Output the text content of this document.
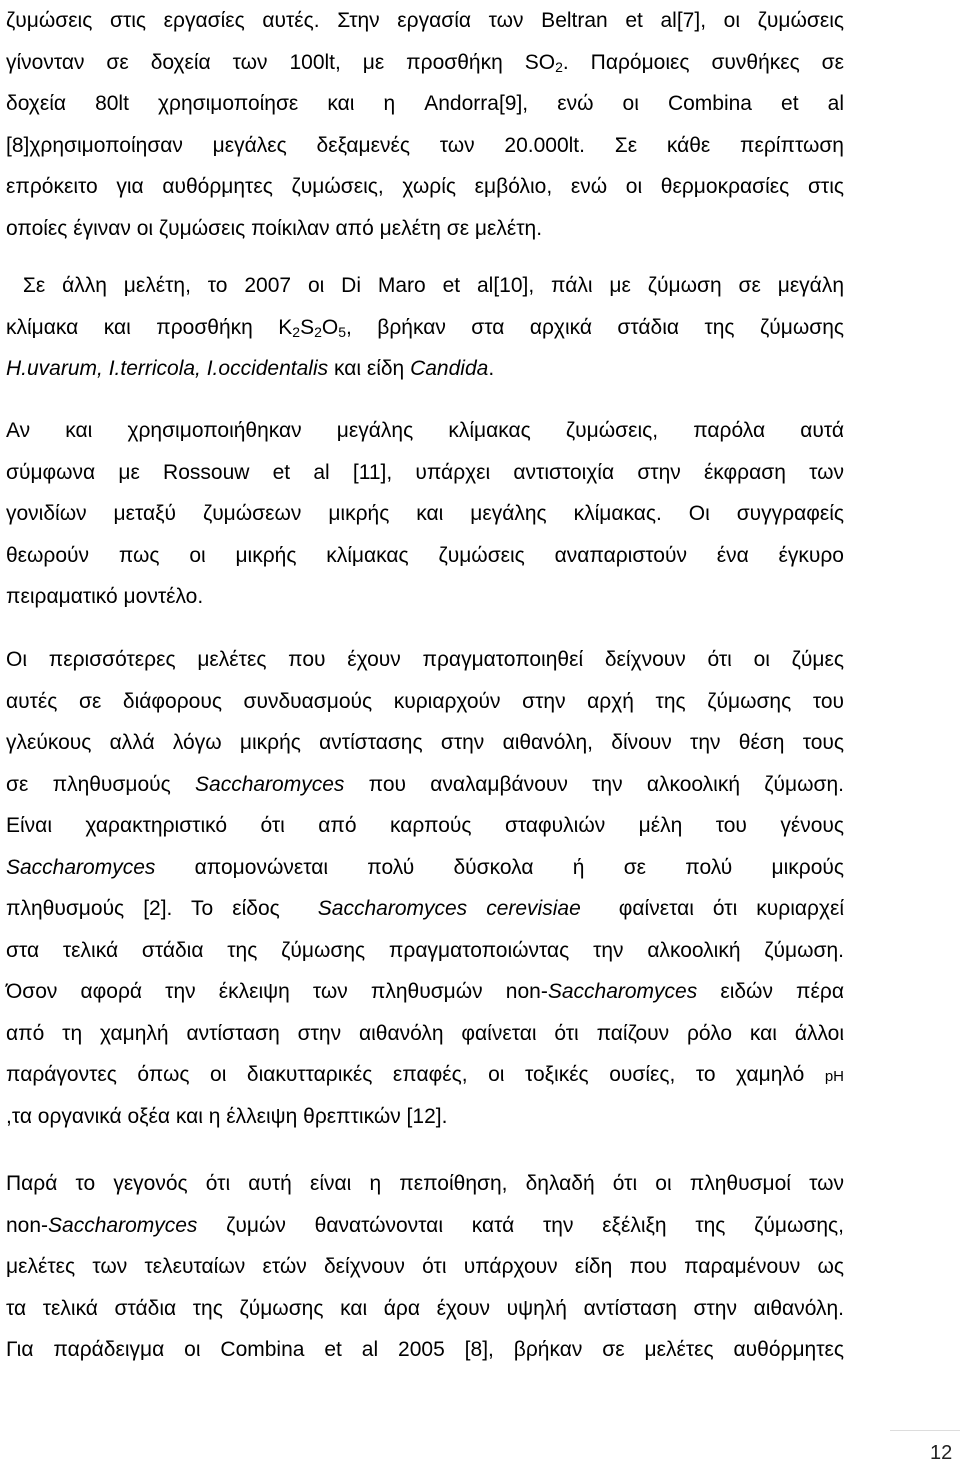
ζυμώσεις στις εργασίες αυτές. Στην εργασία των Beltran et al[7], οι ζυμώσεις
γίνονταν σε δοχεία των 100lt, με προσθήκη $SO_2$. Παρόμοιες συνθήκες σε
δοχεία 80lt χρησιμοποίησε και η Andorra[9], ενώ οι Combina et al
[8]χρησιμοποίησαν μεγάλες δεξαμενές των 20.000lt. Σε κάθε περίπτωση
επρόκειτο για αυθόρμητες ζυμώσεις, χωρίς εμβόλιο, ενώ οι θερμοκρασίες στις
οποίες έγιναν οι ζυμώσεις ποίκιλαν από μελέτη σε μελέτη.
Σε άλλη μελέτη, το 2007 οι Di Maro et al[10], πάλι με ζύμωση σε μεγάλη
κλίμακα και προσθήκη $K_2S_2O_5$, βρήκαν στα αρχικά στάδια της ζύμωσης
H.uvarum, I.terricola, I.occidentalis και είδη Candida.
Αν και χρησιμοποιήθηκαν μεγάλης κλίμακας ζυμώσεις, παρόλα αυτά
σύμφωνα με Rossouw et al [11], υπάρχει αντιστοιχία στην έκφραση των
γονιδίων μεταξύ ζυμώσεων μικρής και μεγάλης κλίμακας. Οι συγγραφείς
θεωρούν πως οι μικρής κλίμακας ζυμώσεις αναπαριστούν ένα έγκυρο
πειραματικό μοντέλο.
Οι περισσότερες μελέτες που έχουν πραγματοποιηθεί δείχνουν ότι οι ζύμες
αυτές σε διάφορους συνδυασμούς κυριαρχούν στην αρχή της ζύμωσης του
γλεύκους αλλά λόγω μικρής αντίστασης στην αιθανόλη, δίνουν την θέση τους
σε πληθυσμούς Saccharomyces που αναλαμβάνουν την αλκοολική ζύμωση.
Είναι χαρακτηριστικό ότι από καρπούς σταφυλιών μέλη του γένους
Saccharomyces απομονώνεται πολύ δύσκολα ή σε πολύ μικρούς
πληθυσμούς [2]. Το είδος  Saccharomyces cerevisiae  φαίνεται ότι κυριαρχεί
στα τελικά στάδια της ζύμωσης πραγματοποιώντας την αλκοολική ζύμωση.
Όσον αφορά την έκλειψη των πληθυσμών non-Saccharomyces ειδών πέρα
από τη χαμηλή αντίσταση στην αιθανόλη φαίνεται ότι παίζουν ρόλο και άλλοι
παράγοντες όπως οι διακυτταρικές επαφές, οι τοξικές ουσίες, το χαμηλό pH
,τα οργανικά οξέα και η έλλειψη θρεπτικών [12].
Παρά το γεγονός ότι αυτή είναι η πεποίθηση, δηλαδή ότι οι πληθυσμοί των
non-Saccharomyces ζυμών θανατώνονται κατά την εξέλιξη της ζύμωσης,
μελέτες των τελευταίων ετών δείχνουν ότι υπάρχουν είδη που παραμένουν ως
τα τελικά στάδια της ζύμωσης και άρα έχουν υψηλή αντίσταση στην αιθανόλη.
Για παράδειγμα οι Combina et al 2005 [8], βρήκαν σε μελέτες αυθόρμητες
12
